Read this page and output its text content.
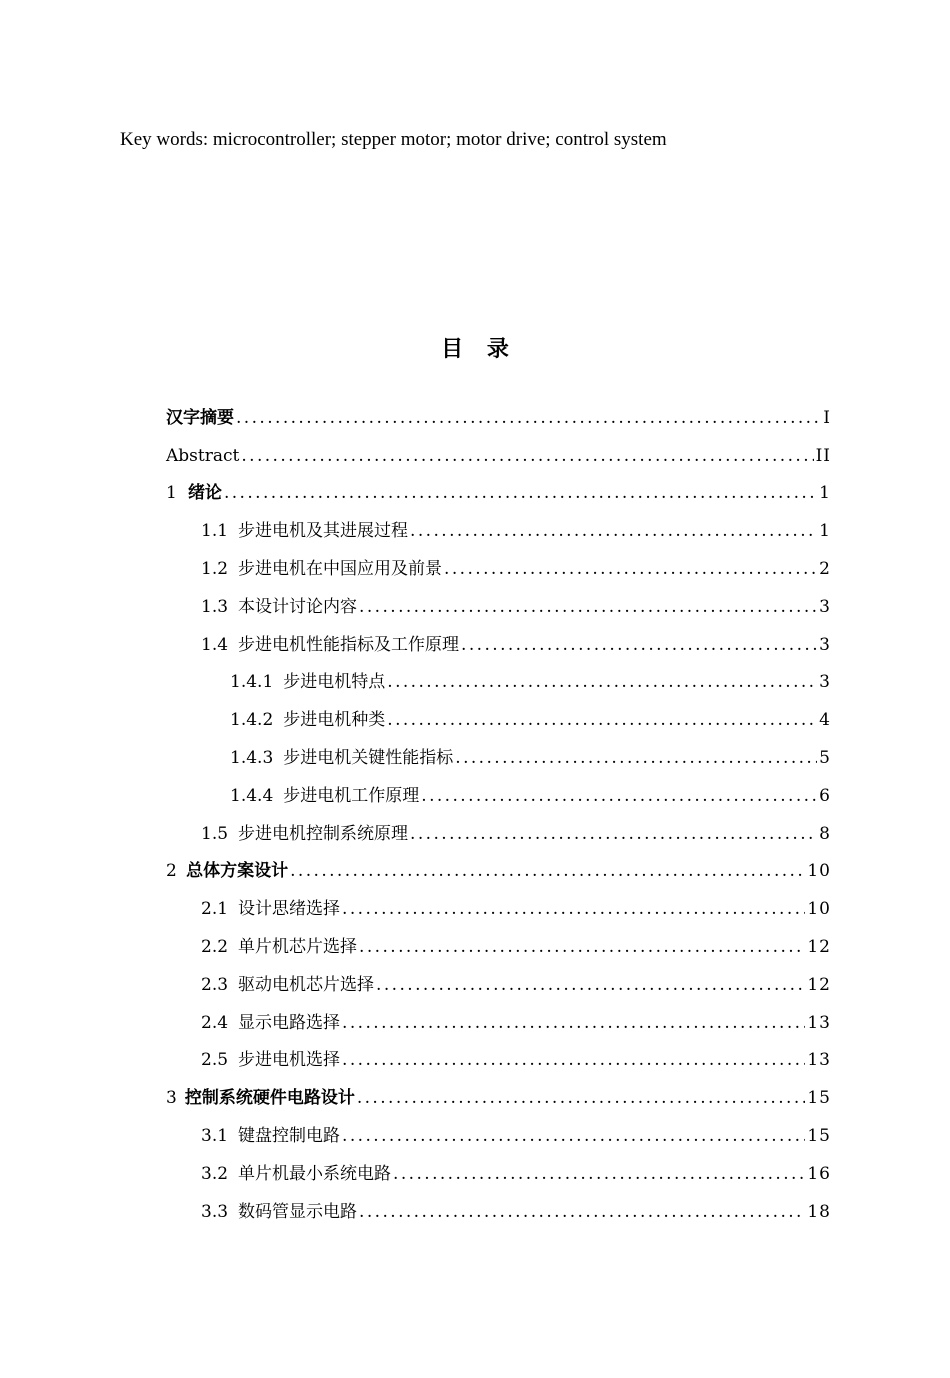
Key words: microcontroller; stepper motor; motor drive; control system
目 录
汉字摘要 .....	I
Abstract .....	II
1 绪论 .....	1
1.1 步进电机及其进展过程 .....	1
1.2 步进电机在中国应用及前景 .....	2
1.3 本设计讨论内容 .....	3
1.4 步进电机性能指标及工作原理 .....	3
1.4.1 步进电机特点 .....	3
1.4.2 步进电机种类 .....	4
1.4.3 步进电机关键性能指标 .....	5
1.4.4 步进电机工作原理 .....	6
1.5 步进电机控制系统原理 .....	8
2 总体方案设计 .....	10
2.1 设计思绪选择 .....	10
2.2 单片机芯片选择 .....	12
2.3 驱动电机芯片选择 .....	12
2.4 显示电路选择 .....	13
2.5 步进电机选择 .....	13
3 控制系统硬件电路设计 .....	15
3.1 键盘控制电路 .....	15
3.2 单片机最小系统电路 .....	16
3.3 数码管显示电路 .....	18
